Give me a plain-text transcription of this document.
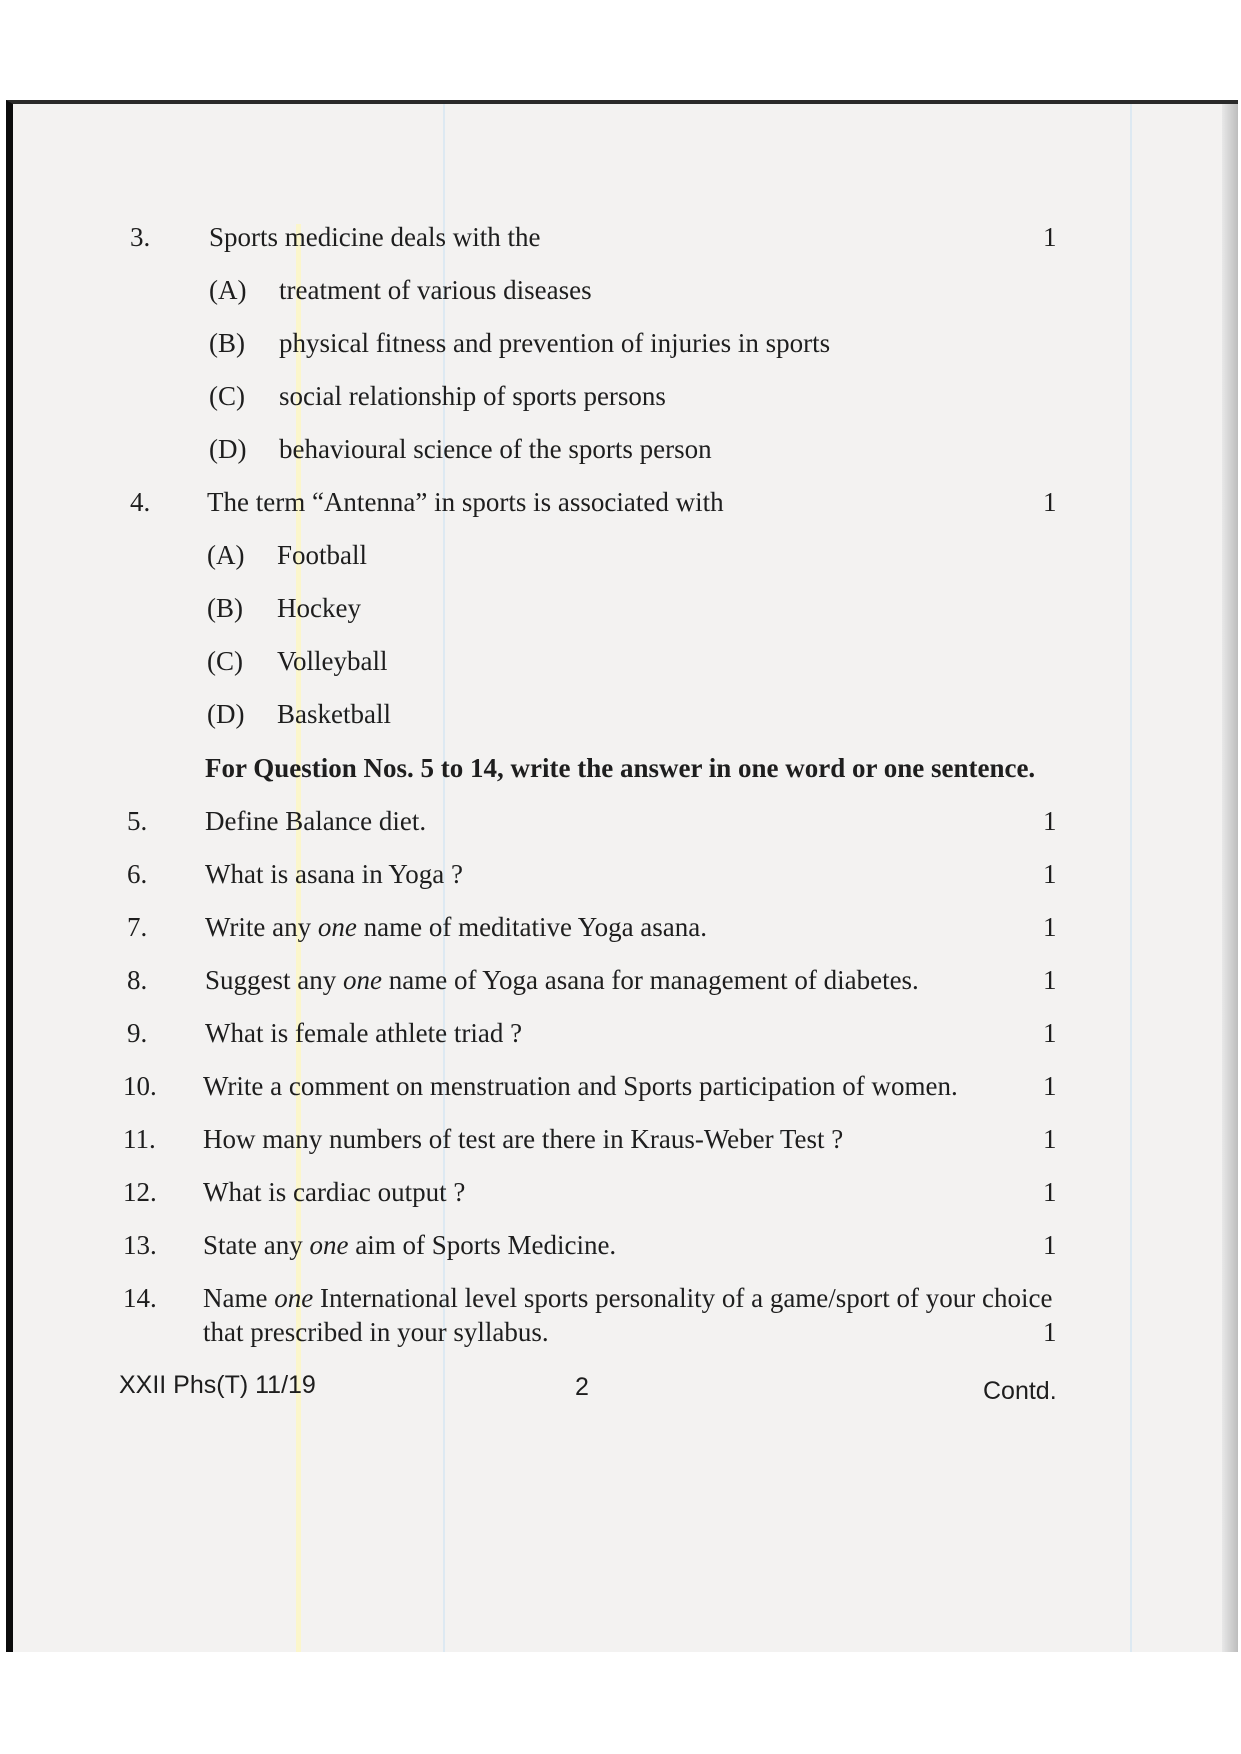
3.	Sports medicine deals with the	1
(A) treatment of various diseases
(B) physical fitness and prevention of injuries in sports
(C) social relationship of sports persons
(D) behavioural science of the sports person
4.	The term “Antenna” in sports is associated with	1
(A) Football
(B) Hockey
(C) Volleyball
(D) Basketball
For Question Nos. 5 to 14, write the answer in one word or one sentence.
5.	Define Balance diet.	1
6.	What is asana in Yoga ?	1
7.	Write any one name of meditative Yoga asana.	1
8.	Suggest any one name of Yoga asana for management of diabetes.	1
9.	What is female athlete triad ?	1
10.	Write a comment on menstruation and Sports participation of women.	1
11.	How many numbers of test are there in Kraus-Weber Test ?	1
12.	What is cardiac output ?	1
13.	State any one aim of Sports Medicine.	1
14.	Name one International level sports personality of a game/sport of your choice
that prescribed in your syllabus.	1
XXII Phs(T) 11/19	2	Contd.
